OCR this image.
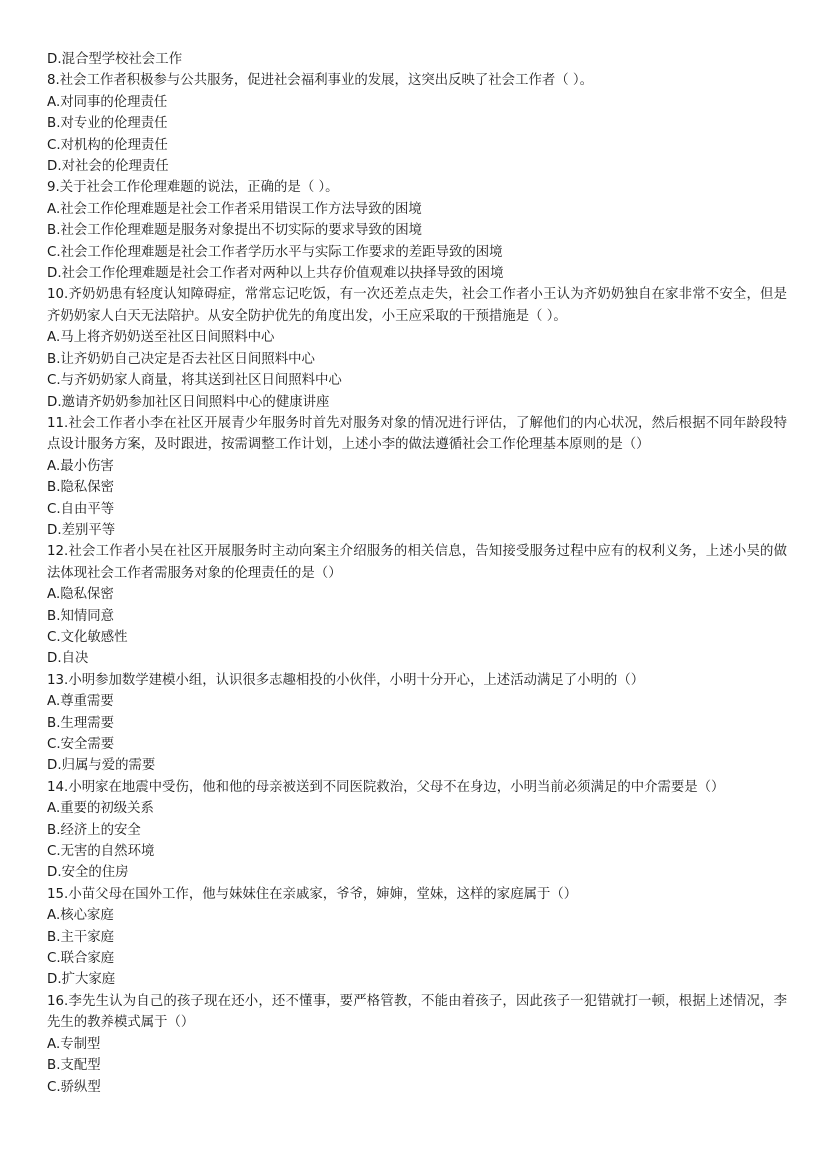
D.混合型学校社会工作
8.社会工作者积极参与公共服务，促进社会福利事业的发展，这突出反映了社会工作者（ ）。
A.对同事的伦理责任
B.对专业的伦理责任
C.对机构的伦理责任
D.对社会的伦理责任
9.关于社会工作伦理难题的说法，正确的是（ ）。
A.社会工作伦理难题是社会工作者采用错误工作方法导致的困境
B.社会工作伦理难题是服务对象提出不切实际的要求导致的困境
C.社会工作伦理难题是社会工作者学历水平与实际工作要求的差距导致的困境
D.社会工作伦理难题是社会工作者对两种以上共存价值观难以抉择导致的困境
10.齐奶奶患有轻度认知障碍症，常常忘记吃饭，有一次还差点走失，社会工作者小王认为齐奶奶独自在家非常不安全，但是齐奶奶家人白天无法陪护。从安全防护优先的角度出发，小王应采取的干预措施是（ ）。
A.马上将齐奶奶送至社区日间照料中心
B.让齐奶奶自己决定是否去社区日间照料中心
C.与齐奶奶家人商量，将其送到社区日间照料中心
D.邀请齐奶奶参加社区日间照料中心的健康讲座
11.社会工作者小李在社区开展青少年服务时首先对服务对象的情况进行评估，了解他们的内心状况，然后根据不同年龄段特点设计服务方案，及时跟进，按需调整工作计划，上述小李的做法遵循社会工作伦理基本原则的是（）
A.最小伤害
B.隐私保密
C.自由平等
D.差别平等
12.社会工作者小吴在社区开展服务时主动向案主介绍服务的相关信息，告知接受服务过程中应有的权利义务，上述小吴的做法体现社会工作者需服务对象的伦理责任的是（）
A.隐私保密
B.知情同意
C.文化敏感性
D.自决
13.小明参加数学建模小组，认识很多志趣相投的小伙伴，小明十分开心，上述活动满足了小明的（）
A.尊重需要
B.生理需要
C.安全需要
D.归属与爱的需要
14.小明家在地震中受伤，他和他的母亲被送到不同医院救治，父母不在身边，小明当前必须满足的中介需要是（）
A.重要的初级关系
B.经济上的安全
C.无害的自然环境
D.安全的住房
15.小苗父母在国外工作，他与妹妹住在亲戚家，爷爷，婶婶，堂妹，这样的家庭属于（）
A.核心家庭
B.主干家庭
C.联合家庭
D.扩大家庭
16.李先生认为自己的孩子现在还小，还不懂事，要严格管教，不能由着孩子，因此孩子一犯错就打一顿，根据上述情况，李先生的教养模式属于（）
A.专制型
B.支配型
C.骄纵型
